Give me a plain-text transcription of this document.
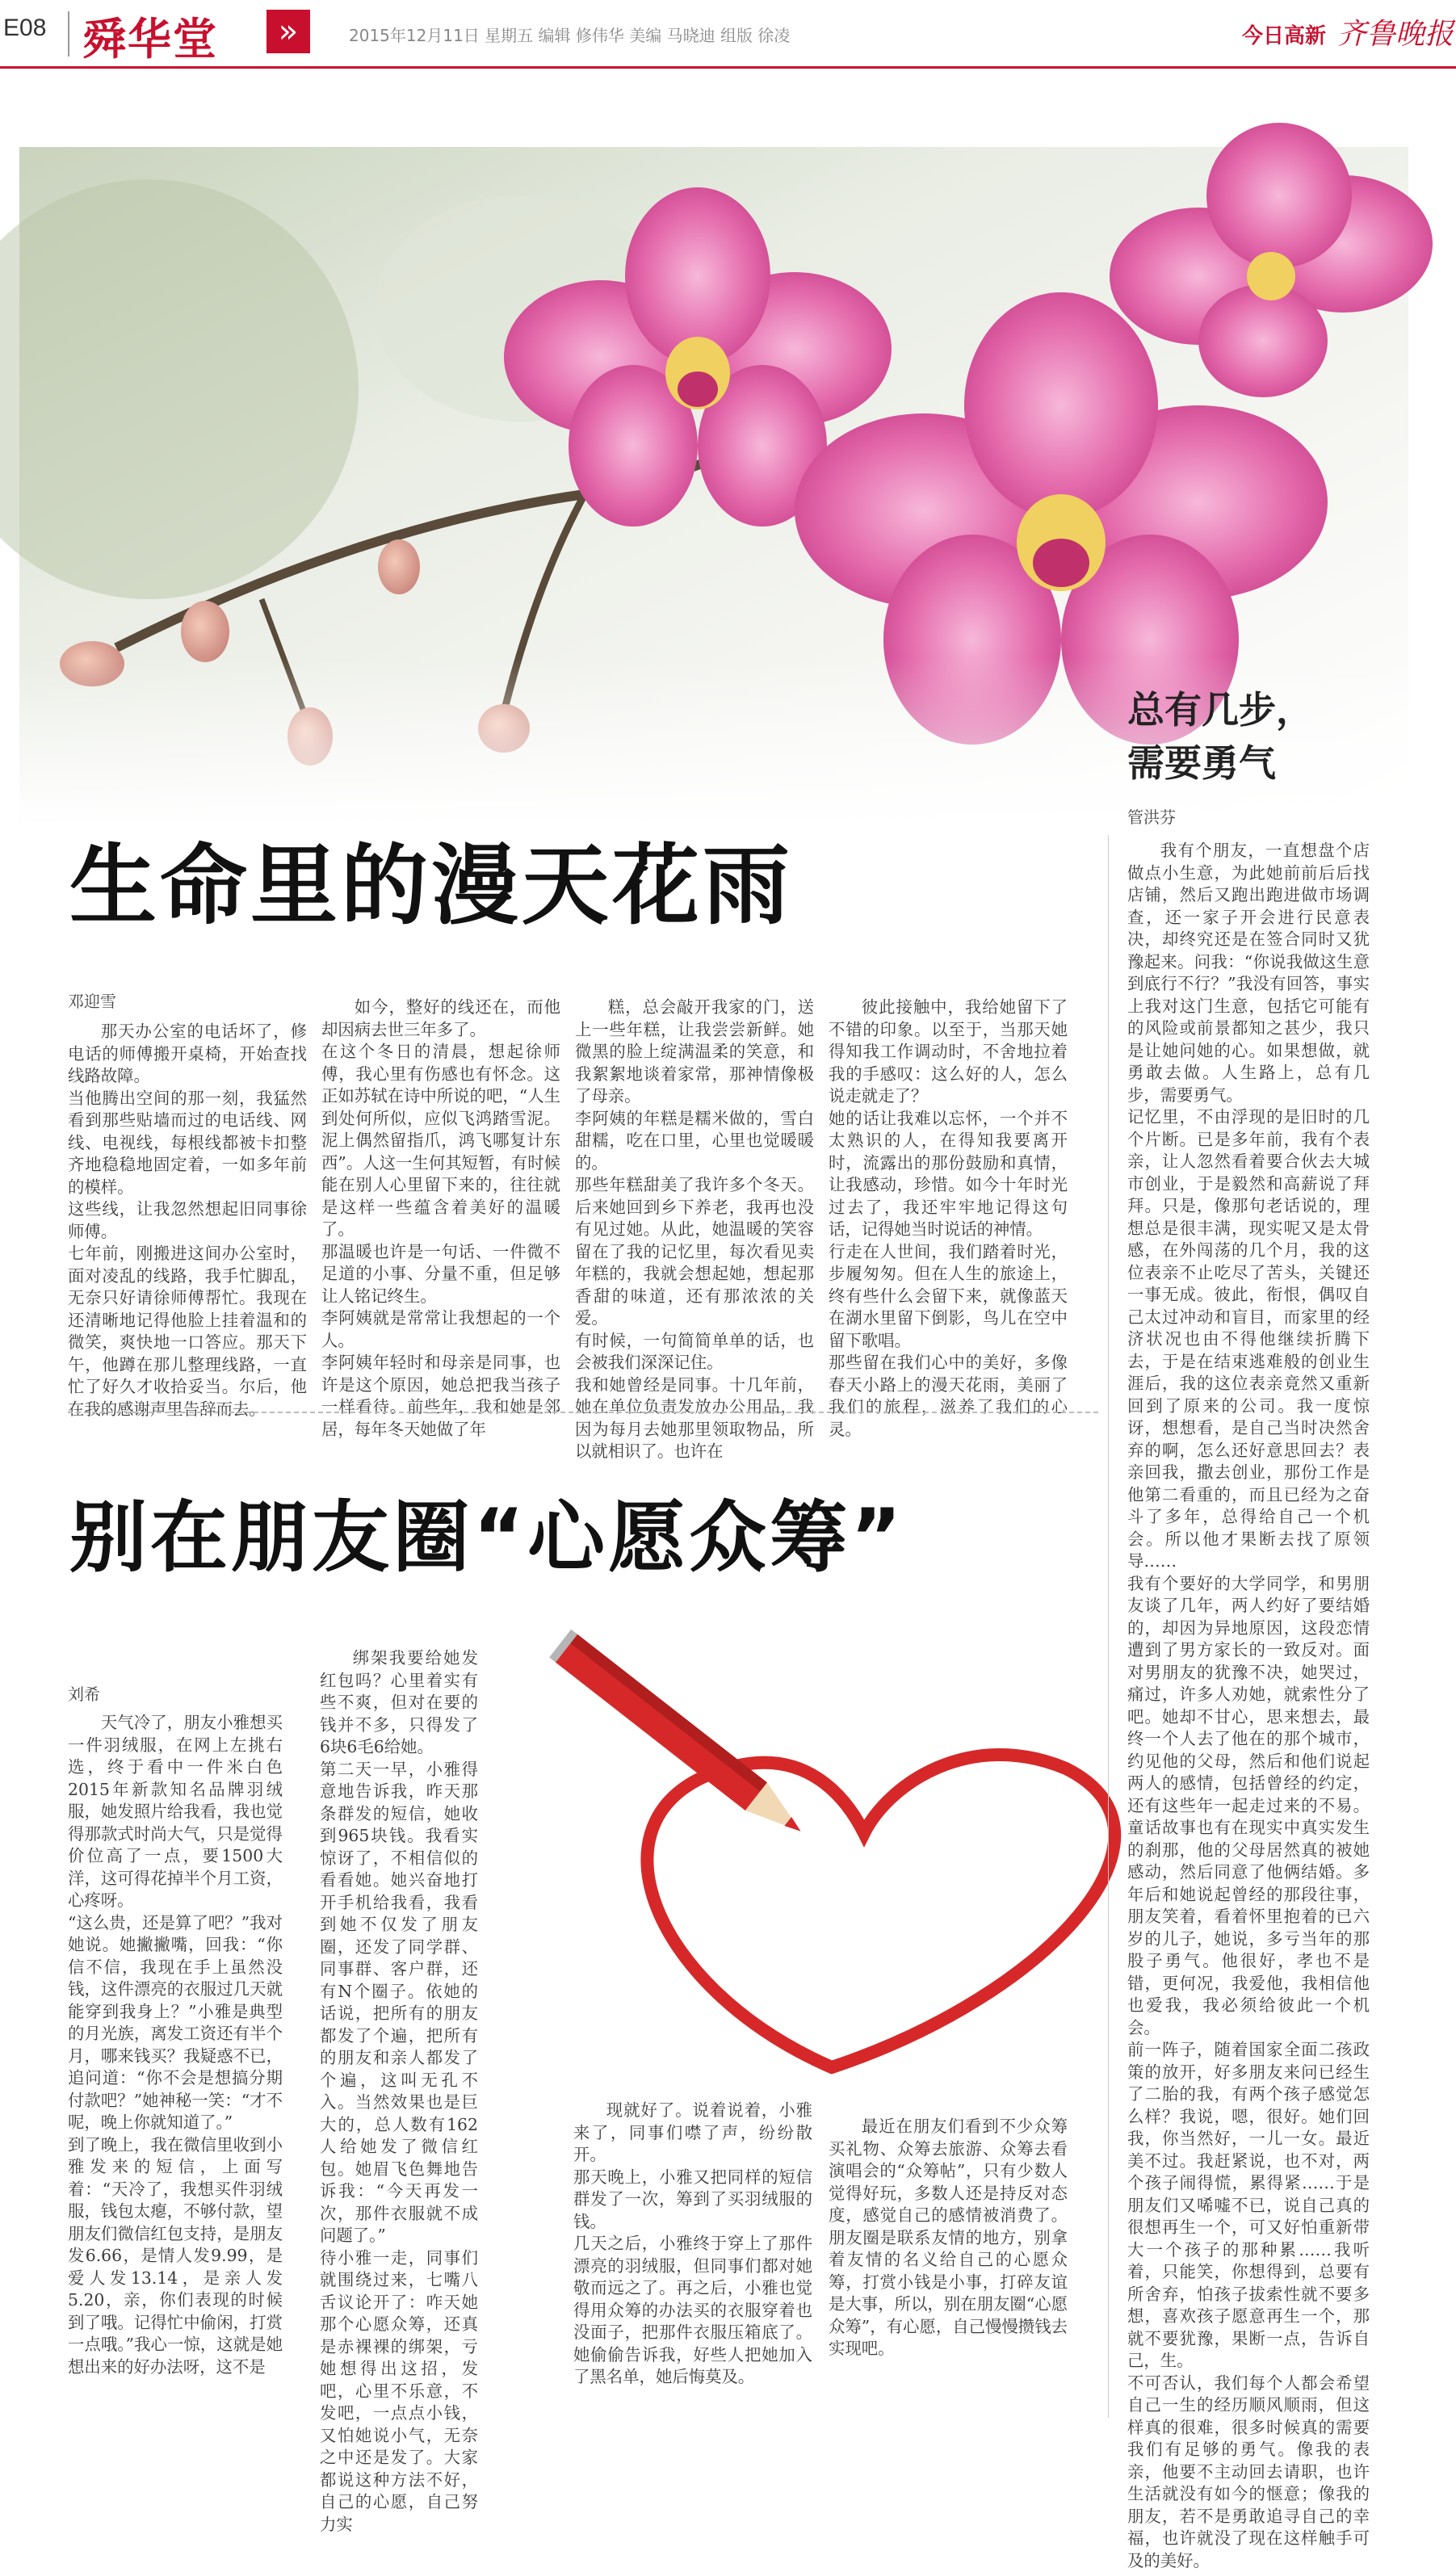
E08 舜华堂	»	2015年12月11日 星期五 编辑 修伟华 美编 马晓迪 组版 徐凌	今日高新 齐鲁晚报
总有几步，
需要勇气
管洪芬
生命里的漫天花雨
邓迎雪

那天办公室的电话坏了，修电话的师傅搬开桌椅，开始查找线路故障。
当他腾出空间的那一刻，我猛然看到那些贴墙而过的电话线、网线、电视线，每根线都被卡扣整齐地稳稳地固定着，一如多年前的模样。
这些线，让我忽然想起旧同事徐师傅。
七年前，刚搬进这间办公室时，面对凌乱的线路，我手忙脚乱，无奈只好请徐师傅帮忙。我现在还清晰地记得他脸上挂着温和的微笑，爽快地一口答应。那天下午，他蹲在那儿整理线路，一直忙了好久才收拾妥当。尔后，他在我的感谢声里告辞而去。

如今，整好的线还在，而他却因病去世三年多了。
在这个冬日的清晨，想起徐师傅，我心里有伤感也有怀念。这正如苏轼在诗中所说的吧，“人生到处何所似，应似飞鸿踏雪泥。泥上偶然留指爪，鸿飞哪复计东西”。人这一生何其短暂，有时候能在别人心里留下来的，往往就是这样一些蕴含着美好的温暖了。
那温暖也许是一句话、一件微不足道的小事、分量不重，但足够让人铭记终生。
李阿姨就是常常让我想起的一个人。
李阿姨年轻时和母亲是同事，也许是这个原因，她总把我当孩子一样看待。前些年，我和她是邻居，每年冬天她做了年

糕，总会敲开我家的门，送上一些年糕，让我尝尝新鲜。她微黑的脸上绽满温柔的笑意，和我絮絮地谈着家常，那神情像极了母亲。
李阿姨的年糕是糯米做的，雪白甜糯，吃在口里，心里也觉暖暖的。
那些年糕甜美了我许多个冬天。后来她回到乡下养老，我再也没有见过她。从此，她温暖的笑容留在了我的记忆里，每次看见卖年糕的，我就会想起她，想起那香甜的味道，还有那浓浓的关爱。
有时候，一句简简单单的话，也会被我们深深记住。
我和她曾经是同事。十几年前，她在单位负责发放办公用品，我因为每月去她那里领取物品，所以就相识了。也许在

彼此接触中，我给她留下了不错的印象。以至于，当那天她得知我工作调动时，不舍地拉着我的手感叹：这么好的人，怎么说走就走了？
她的话让我难以忘怀，一个并不太熟识的人，在得知我要离开时，流露出的那份鼓励和真情，让我感动，珍惜。如今十年时光过去了，我还牢牢地记得这句话，记得她当时说话的神情。
行走在人世间，我们踏着时光，步履匆匆。但在人生的旅途上，终有些什么会留下来，就像蓝天在湖水里留下倒影，鸟儿在空中留下歌唱。
那些留在我们心中的美好，多像春天小路上的漫天花雨，美丽了我们的旅程，滋养了我们的心灵。

别在朋友圈“心愿众筹”
刘希

天气冷了，朋友小雅想买一件羽绒服，在网上左挑右选，终于看中一件米白色2015年新款知名品牌羽绒服，她发照片给我看，我也觉得那款式时尚大气，只是觉得价位高了一点，要1500大洋，这可得花掉半个月工资，心疼呀。
“这么贵，还是算了吧？”我对她说。她撇撇嘴，回我：“你信不信，我现在手上虽然没钱，这件漂亮的衣服过几天就能穿到我身上？”小雅是典型的月光族，离发工资还有半个月，哪来钱买？我疑惑不已，追问道：“你不会是想搞分期付款吧？”她神秘一笑：“才不呢，晚上你就知道了。”
到了晚上，我在微信里收到小雅发来的短信，上面写着：“天冷了，我想买件羽绒服，钱包太瘪，不够付款，望朋友们微信红包支持，是朋友发6.66，是情人发9.99，是爱人发13.14，是亲人发5.20，亲，你们表现的时候到了哦。记得忙中偷闲，打赏一点哦。”我心一惊，这就是她想出来的好办法呀，这不是

绑架我要给她发红包吗？心里着实有些不爽，但对在要的钱并不多，只得发了6块6毛6给她。
第二天一早，小雅得意地告诉我，昨天那条群发的短信，她收到965块钱。我看实惊讶了，不相信似的看看她。她兴奋地打开手机给我看，我看到她不仅发了朋友圈，还发了同学群、同事群、客户群，还有N个圈子。依她的话说，把所有的朋友都发了个遍，把所有的朋友和亲人都发了个遍，这叫无孔不入。当然效果也是巨大的，总人数有162人给她发了微信红包。她眉飞色舞地告诉我：“今天再发一次，那件衣服就不成问题了。”
待小雅一走，同事们就围绕过来，七嘴八舌议论开了：咋天她那个心愿众筹，还真是赤裸裸的绑架，亏她想得出这招，发吧，心里不乐意，不发吧，一点点小钱，又怕她说小气，无奈之中还是发了。大家都说这种方法不好，自己的心愿，自己努力实

现就好了。说着说着，小雅来了，同事们噤了声，纷纷散开。
那天晚上，小雅又把同样的短信群发了一次，筹到了买羽绒服的钱。
几天之后，小雅终于穿上了那件漂亮的羽绒服，但同事们都对她敬而远之了。再之后，小雅也觉得用众筹的办法买的衣服穿着也没面子，把那件衣服压箱底了。她偷偷告诉我，好些人把她加入了黑名单，她后悔莫及。

最近在朋友们看到不少众筹买礼物、众筹去旅游、众筹去看演唱会的“众筹帖”，只有少数人觉得好玩，多数人还是持反对态度，感觉自己的感情被消费了。朋友圈是联系友情的地方，别拿着友情的名义给自己的心愿众筹，打赏小钱是小事，打碎友谊是大事，所以，别在朋友圈“心愿众筹”，有心愿，自己慢慢攒钱去实现吧。

我有个朋友，一直想盘个店做点小生意，为此她前前后后找店铺，然后又跑出跑进做市场调查，还一家子开会进行民意表决，却终究还是在签合同时又犹豫起来。问我：“你说我做这生意到底行不行？”我没有回答，事实上我对这门生意，包括它可能有的风险或前景都知之甚少，我只是让她问她的心。如果想做，就勇敢去做。人生路上，总有几步，需要勇气。
记忆里，不由浮现的是旧时的几个片断。已是多年前，我有个表亲，让人忽然看着要合伙去大城市创业，于是毅然和高薪说了拜拜。只是，像那句老话说的，理想总是很丰满，现实呢又是太骨感，在外闯荡的几个月，我的这位表亲不止吃尽了苦头，关键还一事无成。彼此，衔恨，偶叹自己太过冲动和盲目，而家里的经济状况也由不得他继续折腾下去，于是在结束逃难般的创业生涯后，我的这位表亲竟然又重新回到了原来的公司。我一度惊讶，想想看，是自己当时决然舍弃的啊，怎么还好意思回去？表亲回我，撒去创业，那份工作是他第二看重的，而且已经为之奋斗了多年，总得给自己一个机会。所以他才果断去找了原领导……
我有个要好的大学同学，和男朋友谈了几年，两人约好了要结婚的，却因为异地原因，这段恋情遭到了男方家长的一致反对。面对男朋友的犹豫不决，她哭过，痛过，许多人劝她，就索性分了吧。她却不甘心，思来想去，最终一个人去了他在的那个城市，约见他的父母，然后和他们说起两人的感情，包括曾经的约定，还有这些年一起走过来的不易。童话故事也有在现实中真实发生的刹那，他的父母居然真的被她感动，然后同意了他俩结婚。多年后和她说起曾经的那段往事，朋友笑着，看着怀里抱着的已六岁的儿子，她说，多亏当年的那股子勇气。他很好，孝也不是错，更何况，我爱他，我相信他也爱我，我必须给彼此一个机会。
前一阵子，随着国家全面二孩政策的放开，好多朋友来问已经生了二胎的我，有两个孩子感觉怎么样？我说，嗯，很好。她们回我，你当然好，一儿一女。最近美不过。我赶紧说，也不对，两个孩子闹得慌，累得紧……于是朋友们又唏嘘不已，说自己真的很想再生一个，可又好怕重新带大一个孩子的那种累……我听着，只能笑，你想得到，总要有所舍弃，怕孩子拔索性就不要多想，喜欢孩子愿意再生一个，那就不要犹豫，果断一点，告诉自己，生。
不可否认，我们每个人都会希望自己一生的经历顺风顺雨，但这样真的很难，很多时候真的需要我们有足够的勇气。像我的表亲，他要不主动回去请职，也许生活就没有如今的惬意；像我的朋友，若不是勇敢追寻自己的幸福，也许就没了现在这样触手可及的美好。
